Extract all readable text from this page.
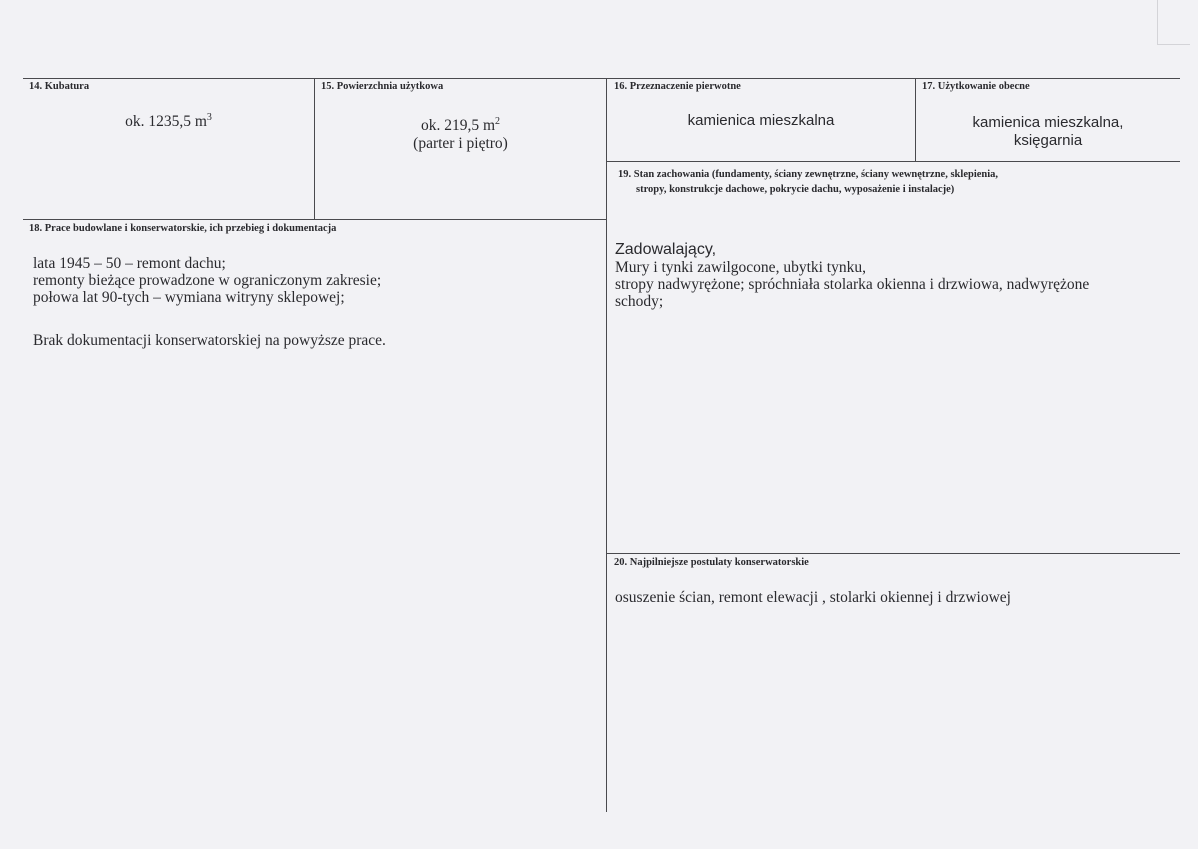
14. Kubatura
ok. 1235,5 $m^3$
15. Powierzchnia użytkowa
ok. 219,5 $m^2$
(parter i piętro)
16. Przeznaczenie pierwotne
kamienica mieszkalna
17. Użytkowanie obecne
kamienica mieszkalna,
księgarnia
19. Stan zachowania (fundamenty, ściany zewnętrzne, ściany wewnętrzne, sklepienia,
stropy, konstrukcje dachowe, pokrycie dachu, wyposażenie i instalacje)
Zadowalający,
Mury i tynki zawilgocone, ubytki tynku,
stropy nadwyrężone; spróchniała stolarka okienna i drzwiowa, nadwyrężone
schody;
18. Prace budowlane i konserwatorskie, ich przebieg i dokumentacja
lata 1945 – 50 – remont dachu;
remonty bieżące prowadzone w ograniczonym zakresie;
połowa lat 90-tych – wymiana witryny sklepowej;
Brak dokumentacji konserwatorskiej na powyższe prace.
20. Najpilniejsze postulaty konserwatorskie
osuszenie ścian, remont elewacji , stolarki okiennej i drzwiowej
